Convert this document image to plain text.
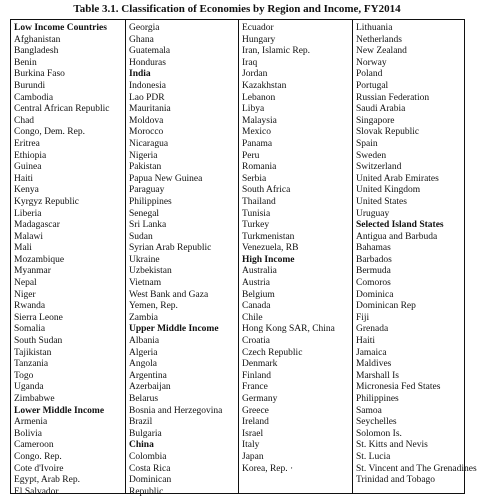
Table 3.1. Classification of Economies by Region and Income, FY2014
Low Income Countries
Afghanistan
Bangladesh
Benin
Burkina Faso
Burundi
Cambodia
Central African Republic
Chad
Congo, Dem. Rep.
Eritrea
Ethiopia
Guinea
Haiti
Kenya
Kyrgyz Republic
Liberia
Madagascar
Malawi
Mali
Mozambique
Myanmar
Nepal
Niger
Rwanda
Sierra Leone
Somalia
South Sudan
Tajikistan
Tanzania
Togo
Uganda
Zimbabwe
Lower Middle Income
Armenia
Bolivia
Cameroon
Congo. Rep.
Cote d'Ivoire
Egypt, Arab Rep.
El Salvador
Georgia
Ghana
Guatemala
Honduras
India
Indonesia
Lao PDR
Mauritania
Moldova
Morocco
Nicaragua
Nigeria
Pakistan
Papua New Guinea
Paraguay
Philippines
Senegal
Sri Lanka
Sudan
Syrian Arab Republic
Ukraine
Uzbekistan
Vietnam
West Bank and Gaza
Yemen, Rep.
Zambia
Upper Middle Income
Albania
Algeria
Angola
Argentina
Azerbaijan
Belarus
Bosnia and Herzegovina
Brazil
Bulgaria
China
Colombia
Costa Rica
Dominican
Republic
Ecuador
Hungary
Iran, Islamic Rep.
Iraq
Jordan
Kazakhstan
Lebanon
Libya
Malaysia
Mexico
Panama
Peru
Romania
Serbia
South Africa
Thailand
Tunisia
Turkey
Turkmenistan
Venezuela, RB
High Income
Australia
Austria
Belgium
Canada
Chile
Hong Kong SAR, China
Croatia
Czech Republic
Denmark
Finland
France
Germany
Greece
Ireland
Israel
Italy
Japan
Korea, Rep. ·
Lithuania
Netherlands
New Zealand
Norway
Poland
Portugal
Russian Federation
Saudi Arabia
Singapore
Slovak Republic
Spain
Sweden
Switzerland
United Arab Emirates
United Kingdom
United States
Uruguay
Selected Island States
Antigua and Barbuda
Bahamas
Barbados
Bermuda
Comoros
Dominica
Dominican Rep
Fiji
Grenada
Haiti
Jamaica
Maldives
Marshall Is
Micronesia Fed States
Philippines
Samoa
Seychelles
Solomon Is.
St. Kitts and Nevis
St. Lucia
St. Vincent and The Grenadines
Trinidad and Tobago
